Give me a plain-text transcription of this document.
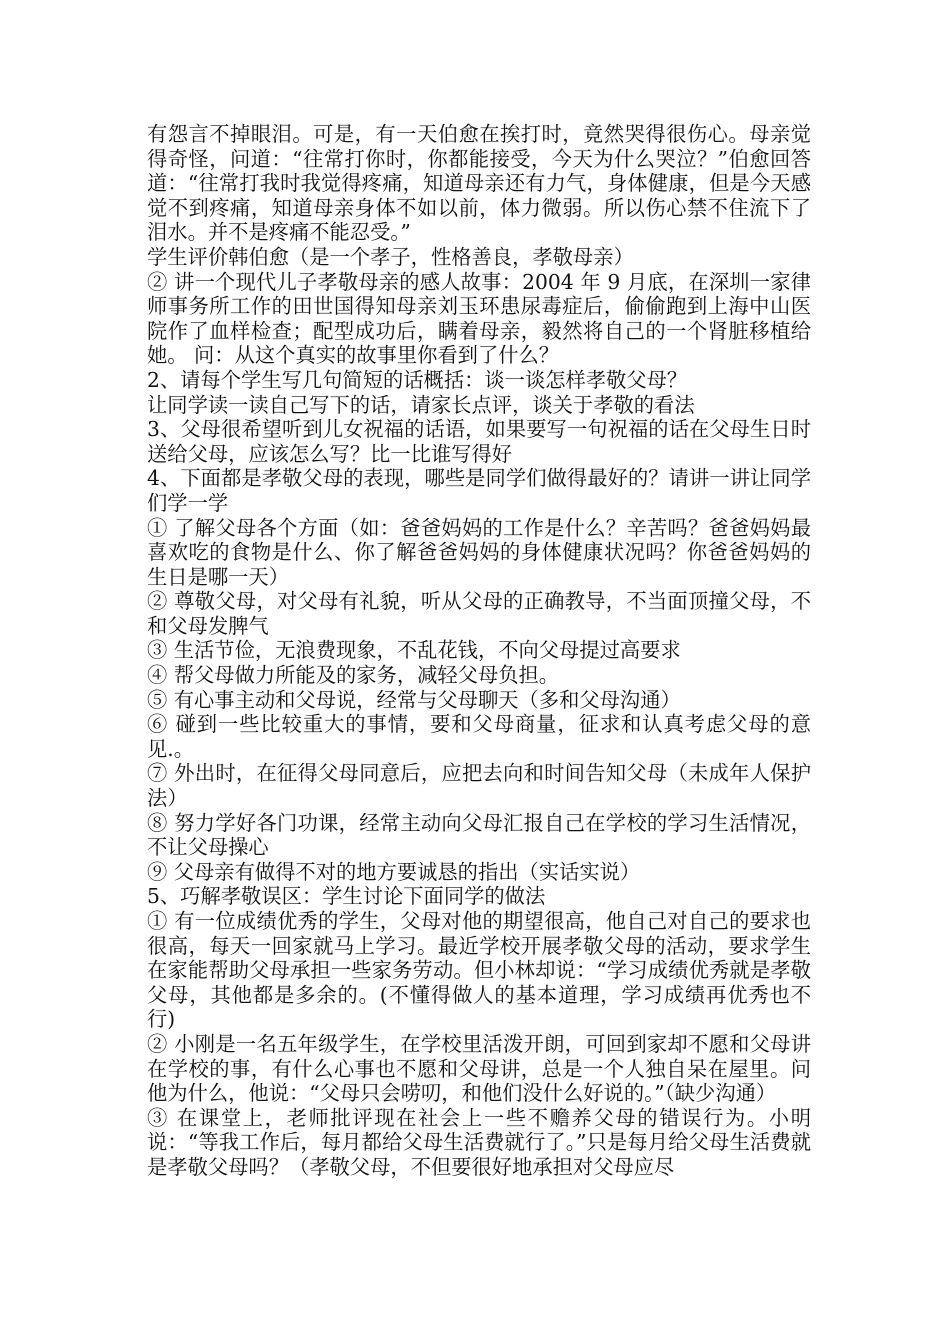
有怨言不掉眼泪。可是，有一天伯愈在挨打时，竟然哭得很伤心。母亲觉得奇怪，问道：“往常打你时，你都能接受，今天为什么哭泣？”伯愈回答道：“往常打我时我觉得疼痛，知道母亲还有力气，身体健康，但是今天感觉不到疼痛，知道母亲身体不如以前，体力微弱。所以伤心禁不住流下了泪水。并不是疼痛不能忍受。”

学生评价韩伯愈（是一个孝子，性格善良，孝敬母亲）

② 讲一个现代儿子孝敬母亲的感人故事：2004 年 9 月底，在深圳一家律师事务所工作的田世国得知母亲刘玉环患尿毒症后，偷偷跑到上海中山医院作了血样检查；配型成功后，瞒着母亲，毅然将自己的一个肾脏移植给她。 问：从这个真实的故事里你看到了什么？

2、请每个学生写几句简短的话概括：谈一谈怎样孝敬父母？

让同学读一读自己写下的话，请家长点评，谈关于孝敬的看法

3、父母很希望听到儿女祝福的话语，如果要写一句祝福的话在父母生日时送给父母，应该怎么写？比一比谁写得好

4、下面都是孝敬父母的表现，哪些是同学们做得最好的？请讲一讲让同学们学一学

① 了解父母各个方面（如：爸爸妈妈的工作是什么？辛苦吗？爸爸妈妈最喜欢吃的食物是什么、你了解爸爸妈妈的身体健康状况吗？你爸爸妈妈的生日是哪一天）

② 尊敬父母，对父母有礼貌，听从父母的正确教导，不当面顶撞父母，不和父母发脾气

③ 生活节俭，无浪费现象，不乱花钱，不向父母提过高要求

④ 帮父母做力所能及的家务，减轻父母负担。

⑤ 有心事主动和父母说，经常与父母聊天（多和父母沟通）

⑥ 碰到一些比较重大的事情，要和父母商量，征求和认真考虑父母的意见.。

⑦ 外出时，在征得父母同意后，应把去向和时间告知父母（未成年人保护法）

⑧ 努力学好各门功课，经常主动向父母汇报自己在学校的学习生活情况，不让父母操心

⑨ 父母亲有做得不对的地方要诚恳的指出（实话实说）

5、巧解孝敬误区：学生讨论下面同学的做法

① 有一位成绩优秀的学生，父母对他的期望很高，他自己对自己的要求也很高，每天一回家就马上学习。最近学校开展孝敬父母的活动，要求学生在家能帮助父母承担一些家务劳动。但小林却说：“学习成绩优秀就是孝敬父母，其他都是多余的。(不懂得做人的基本道理，学习成绩再优秀也不行)

② 小刚是一名五年级学生，在学校里活泼开朗，可回到家却不愿和父母讲在学校的事，有什么心事也不愿和父母讲，总是一个人独自呆在屋里。问他为什么，他说：“父母只会唠叨，和他们没什么好说的。”（缺少沟通）

③ 在课堂上，老师批评现在社会上一些不赡养父母的错误行为。小明说：“等我工作后，每月都给父母生活费就行了。”只是每月给父母生活费就是孝敬父母吗？（孝敬父母，不但要很好地承担对父母应尽
